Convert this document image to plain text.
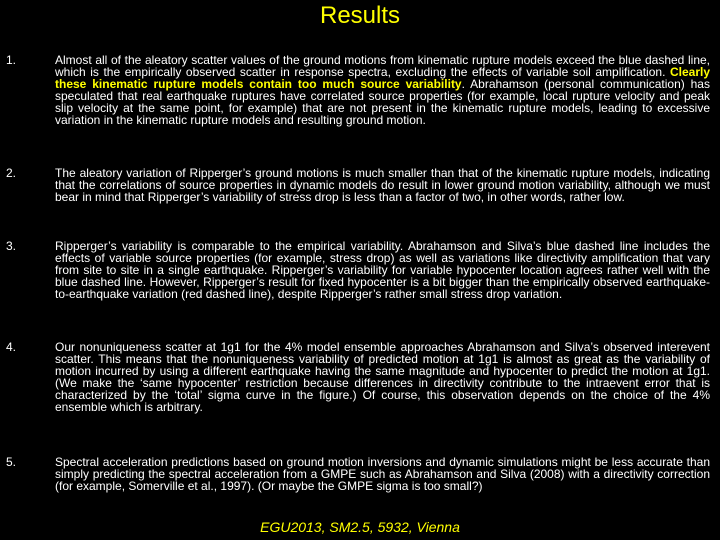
Results
1.	Almost all of the aleatory scatter values of the ground motions from kinematic rupture models exceed the blue dashed line, which is the empirically observed scatter in response spectra, excluding the effects of variable soil amplification. Clearly these kinematic rupture models contain too much source variability. Abrahamson (personal communication) has speculated that real earthquake ruptures have correlated source properties (for example, local rupture velocity and peak slip velocity at the same point, for example) that are not present in the kinematic rupture models, leading to excessive variation in the kinematic rupture models and resulting ground motion.
2.	The aleatory variation of Ripperger’s ground motions is much smaller than that of the kinematic rupture models, indicating that the correlations of source properties in dynamic models do result in lower ground motion variability, although we must bear in mind that Ripperger’s variability of stress drop is less than a factor of two, in other words, rather low.
3.	Ripperger’s variability is comparable to the empirical variability. Abrahamson and Silva’s blue dashed line includes the effects of variable source properties (for example, stress drop) as well as variations like directivity amplification that vary from site to site in a single earthquake. Ripperger’s variability for variable hypocenter location agrees rather well with the blue dashed line. However, Ripperger’s result for fixed hypocenter is a bit bigger than the empirically observed earthquake-to-earthquake variation (red dashed line), despite Ripperger’s rather small stress drop variation.
4.	Our nonuniqueness scatter at 1g1 for the 4% model ensemble approaches Abrahamson and Silva’s observed interevent scatter. This means that the nonuniqueness variability of predicted motion at 1g1 is almost as great as the variability of motion incurred by using a different earthquake having the same magnitude and hypocenter to predict the motion at 1g1. (We make the ‘same hypocenter’ restriction because differences in directivity contribute to the intraevent error that is characterized by the ‘total’ sigma curve in the figure.) Of course, this observation depends on the choice of the 4% ensemble which is arbitrary.
5.	Spectral acceleration predictions based on ground motion inversions and dynamic simulations might be less accurate than simply predicting the spectral acceleration from a GMPE such as Abrahamson and Silva (2008) with a directivity correction (for example, Somerville et al., 1997). (Or maybe the GMPE sigma is too small?)
EGU2013, SM2.5, 5932, Vienna
